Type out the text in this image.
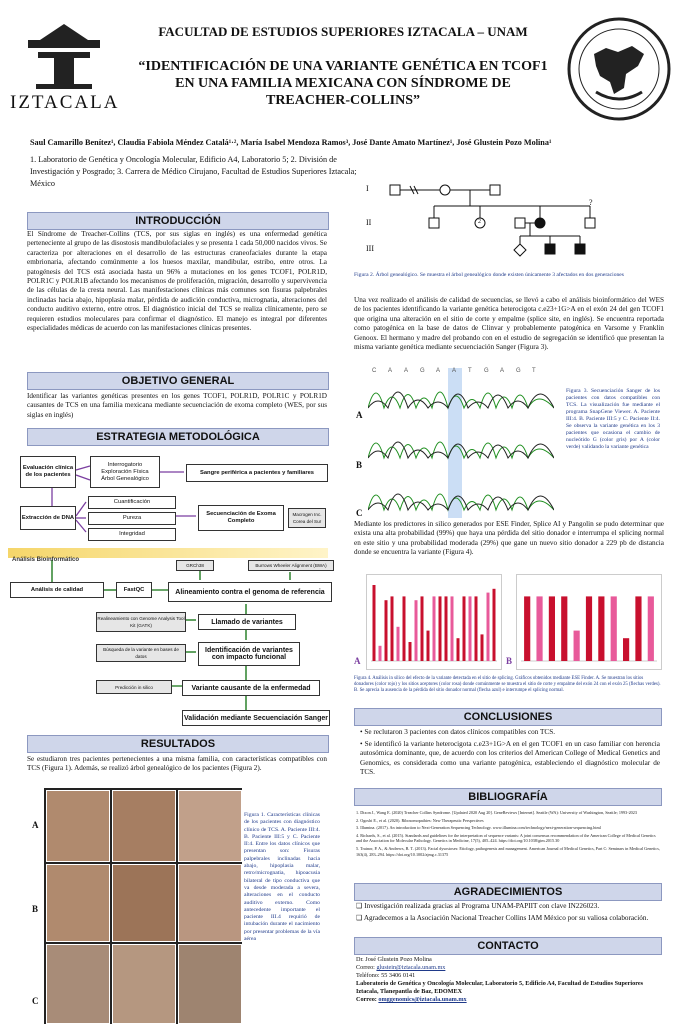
IZTACALA
FACULTAD DE ESTUDIOS SUPERIORES IZTACALA – UNAM
“IDENTIFICACIÓN DE UNA VARIANTE GENÉTICA EN TCOF1
EN UNA FAMILIA MEXICANA CON SÍNDROME DE
TREACHER-COLLINS”
Saul Camarillo Benítez¹, Claudia Fabiola Méndez Catalá¹·², María Isabel Mendoza Ramos³, José Dante Amato Martínez¹, José Glustein Pozo Molina¹
1. Laboratorio de Genética y Oncología Molecular, Edificio A4, Laboratorio 5; 2. División de Investigación y Posgrado; 3. Carrera de Médico Cirujano, Facultad de Estudios Superiores Iztacala; México
INTRODUCCIÓN
El Síndrome de Treacher-Collins (TCS, por sus siglas en inglés) es una enfermedad genética perteneciente al grupo de las disostosis mandibulofaciales y se presenta 1 cada 50,000 nacidos vivos. Se caracteriza por alteraciones en el desarrollo de las estructuras craneofaciales durante la etapa embrionaria, afectando comúnmente a los huesos maxilar, mandibular, estribo, entre otros. La patogénesis del TCS está asociada hasta un 96% a mutaciones en los genes TCOF1, POLR1D, POLR1C y POLR1B afectando los mecanismos de proliferación, migración, desarrollo y supervivencia de las células de la cresta neural. Las manifestaciones clínicas más comunes son fisuras palpebrales inclinadas hacia abajo, hipoplasia malar, pérdida de audición conductiva, micrognatia, alteraciones del conducto auditivo externo, entre otros. El diagnóstico inicial del TCS se realiza clínicamente, pero se requieren estudios moleculares para confirmar el diagnóstico. El manejo es integral por diferentes especialidades médicas de acuerdo con las manifestaciones clínicas presentes.
OBJETIVO GENERAL
Identificar las variantes genéticas presentes en los genes TCOF1, POLR1D, POLR1C y POLR1D causantes de TCS en una familia mexicana mediante secuenciación de exoma completo (WES, por sus siglas en inglés)
ESTRATEGIA METODOLÓGICA
Evaluación clínica de los pacientes
Interrogatorio
Exploración Física
Árbol Genealógico
Sangre periférica a pacientes y familiares
Extracción de DNA
Cuantificación
Pureza
Integridad
Secuenciación de Exoma Completo
Macrogen Inc. Corea del Sur
Análisis Bioinformático
Análisis de calidad	FastQC
GRCh38	Burrows Wheeler Alignment (BWA)
Alineamiento contra el genoma de referencia
Realineamiento con Genome Analysis Tool Kit (GATK)	Llamado de variantes
Búsqueda de la variante en bases de datos
Identificación de variantes con impacto funcional
Predicción in silico	Variante causante de la enfermedad
Validación mediante Secuenciación Sanger
RESULTADOS
Se estudiaron tres pacientes pertenecientes a una misma familia, con características compatibles con TCS (Figura 1). Además, se realizó árbol genealógico de los pacientes (Figura 2).
A
B
C
Figura 1. Características clínicas de los pacientes con diagnóstico clínico de TCS. A. Paciente III:4. B. Paciente III:5 y C. Paciente II:4. Entre los datos clínicos que presentan son: Fisuras palpebrales inclinadas hacia abajo, hipoplasia malar, retro/micrognatia, hipoacusia bilateral de tipo conductiva que va desde moderada a severa, alteraciones en el conducto auditivo externo. Como antecedente importante el paciente III.4 requirió de intubación durante el nacimiento por presentar problemas de la vía aérea
I
II
III
?
2
Figura 2. Árbol genealógico. Se muestra el árbol genealógico donde existen únicamente 3 afectados en dos generaciones
Una vez realizado el análisis de calidad de secuencias, se llevó a cabo el análisis bioinformático del WES de los pacientes identificando la variante genética heterocigota c.e23+1G>A en el exón 24 del gen TCOF1 que origina una alteración en el sitio de corte y empalme (splice site, en inglés). Se encuentra reportada como patogénica en la base de datos de Clinvar y probablemente patogénica en Varsome y Franklin Genoox. El hermano y madre del probando con en el estudio de segregación se identificó que presentan la misma variante genética mediante secuenciación Sanger (Figura 3).
C A A G A A T G A G T
A
B
C
Figura 3. Secuenciación Sanger de los pacientes con datos compatibles con TCS. La visualización fue mediante el programa SnapGene Viewer. A. Paciente III:4. B. Paciente III:5 y C. Paciente II:4. Se observa la variante genética en los 3 pacientes que ocasiona el cambio de nucleótido G (color gris) por A (color verde) validando la variante genética
Mediante los predictores in silico generados por ESE Finder, Splice AI y Pangolin se pudo determinar que exista una alta probabilidad (99%) que haya una pérdida del sitio donador e interrumpa el splicing normal en este sitio y una probabilidad moderada (29%) que gane un nuevo sitio donador a 229 pb de distancia donde se encuentra la variante (Figura 4).
A	B
Figura 4. Análisis in silico del efecto de la variante detectada en el sitio de splicing. Gráficos obtenidos mediante ESE Finder. A. Se muestran los sitios donadores (color rojo) y los sitios aceptores (color rosa) donde comúnmente se muestra el sitio de corte y empalme del exón 24 con el exón 25 (flechas verdes). B. Se aprecia la ausencia de la pérdida del sitio donador normal (flecha azul) e interrumpe el splicing normal.
CONCLUSIONES
• Se reclutaron 3 pacientes con datos clínicos compatibles con TCS.
• Se identificó la variante heterocigota c.e23+1G>A en el gen TCOF1 en un caso familiar con herencia autosómica dominante, que, de acuerdo con los criterios del American College of Medical Genetics and Genomics, es considerada como una variante patogénica, estableciendo el diagnóstico molecular de TCS.
BIBLIOGRAFÍA
1. Dixon J., Wang E. (2020) Treacher Collins Syndrome. [Updated 2020 Aug 20]. GeneReviews [Internet]. Seattle (WA): University of Washington, Seattle; 1993-2023
2. Ogoshi E., et al. (2020). Ribosomopathies: New Therapeutic Perspectives
3. Illumina. (2017). An introduction to Next-Generation Sequencing Technology. www.illumina.com/technology/next-generation-sequencing.html
4. Richards, S., et al. (2015). Standards and guidelines for the interpretation of sequence variants: A joint consensus recommendation of the American College of Medical Genetics and the Association for Molecular Pathology. Genetics in Medicine, 17(5), 405–424. https://doi.org/10.1038/gim.2015.30
5. Trainor, P. A., & Andrews, B. T. (2013). Facial dysostoses: Etiology, pathogenesis and management. American Journal of Medical Genetics, Part C: Seminars in Medical Genetics, 163(4), 283–294. https://doi.org/10.1002/ajmg.c.31375
AGRADECIMIENTOS
❑ Investigación realizada gracias al Programa UNAM-PAPIIT con clave IN226023.
❑ Agradecemos a la Asociación Nacional Treacher Collins IAM México por su valiosa colaboración.
CONTACTO
Dr. José Glustein Pozo Molina
Correo: glustein@iztacala.unam.mx
Teléfono: 55 3406 0141
Laboratorio de Genética y Oncología Molecular, Laboratorio 5, Edificio A4, Facultad de Estudios Superiores Iztacala, Tlanepantla de Baz, EDOMEX
Correo: omggenomics@iztacala.unam.mx
